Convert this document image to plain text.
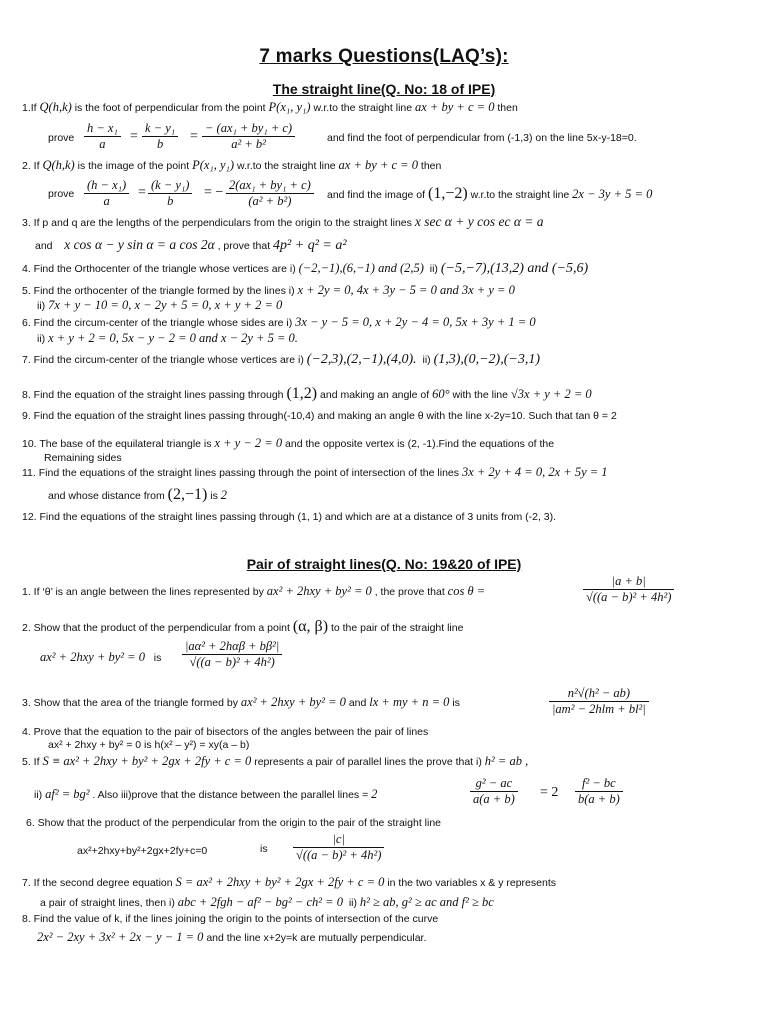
7 marks Questions(LAQ’s):
The straight line(Q. No: 18 of IPE)
1.If Q(h,k) is the foot of perpendicular from the point P(x₁, y₁) w.r.to the straight line ax + by + c = 0 then
prove $\frac{\text{h − x₁}}{a} = \frac{\text{k − y₁}}{b} = \frac{\text{− (ax₁ + by₁ + c)}}{\text{a² + b²}}$	and find the foot of perpendicular from (-1,3) on the line 5x-y-18=0.
2. If Q(h,k) is the image of the point P(x₁, y₁) w.r.to the straight line ax + by + c = 0 then
prove $\frac{\text{(h − x₁)}}{a} = \frac{\text{(k − y₁)}}{b}$ = − $\frac{\text{2(ax₁ + by₁ + c)}}{\text{(a² + b²)}}$ and find the image of (1,−2) w.r.to the straight line 2x − 3y + 5 = 0
3. If p and q are the lengths of the perpendiculars from the origin to the straight lines x sec α + y cos ec α = a
and x cos α − y sin α = a cos 2α , prove that 4p² + q² = a²
4. Find the Orthocenter of the triangle whose vertices are i) (−2,−1),(6,−1) and (2,5) ii) (−5,−7),(13,2) and (−5,6)
5. Find the orthocenter of the triangle formed by the lines i) x + 2y = 0, 4x + 3y − 5 = 0 and 3x + y = 0
ii) 7x + y − 10 = 0, x − 2y + 5 = 0, x + y + 2 = 0
6. Find the circum-center of the triangle whose sides are i) 3x − y − 5 = 0, x + 2y − 4 = 0, 5x + 3y + 1 = 0
ii) x + y + 2 = 0, 5x − y − 2 = 0 and x − 2y + 5 = 0.
7. Find the circum-center of the triangle whose vertices are i) (−2,3),(2,−1),(4,0). ii) (1,3),(0,−2),(−3,1)
8. Find the equation of the straight lines passing through (1,2) and making an angle of 60° with the line √3x + y + 2 = 0
9. Find the equation of the straight lines passing through(-10,4) and making an angle θ with the line x-2y=10. Such that tan θ = 2
10. The base of the equilateral triangle is x + y − 2 = 0 and the opposite vertex is (2, -1).Find the equations of the
Remaining sides
11. Find the equations of the straight lines passing through the point of intersection of the lines 3x + 2y + 4 = 0, 2x + 5y = 1
and whose distance from (2,−1) is 2
12. Find the equations of the straight lines passing through (1, 1) and which are at a distance of 3 units from (-2, 3).
Pair of straight lines(Q. No: 19&20 of IPE)
1. If ‘θ’ is an angle between the lines represented by ax² + 2hxy + by² = 0 , the prove that cos θ =	$\frac{|a + b|}{\text{√((a − b)² + 4h²)}}$
2. Show that the product of the perpendicular from a point (α, β) to the pair of the straight line
ax² + 2hxy + by² = 0 is
|aα² + 2hαβ + bβ²|
√((a − b)² + 4h²)
3. Show that the area of the triangle formed by ax² + 2hxy + by² = 0 and lx + my + n = 0 is
n²√(h² − ab)
|am² − 2hlm + bl²|
4. Prove that the equation to the pair of bisectors of the angles between the pair of lines
ax² + 2hxy + by² = 0 is h(x² – y²) = xy(a – b)
5. If S ≡ ax² + 2hxy + by² + 2gx + 2fy + c = 0 represents a pair of parallel lines the prove that i) h² = ab ,
ii) af² = bg² . Also iii)prove that the distance between the parallel lines = 2	$\frac{\text{g² − ac}}{a(a + b)} = 2 \frac{\text{f² − bc}}{b(a + b)}$
6. Show that the product of the perpendicular from the origin to the pair of the straight line
ax²+2hxy+by²+2gx+2fy+c=0	is $\frac{|c|}{\text{√((a − b)² + 4h²)}}$
7. If the second degree equation S = ax² + 2hxy + by² + 2gx + 2fy + c = 0 in the two variables x & y represents
a pair of straight lines, then i) abc + 2fgh − af² − bg² − ch² = 0 ii) h² ≥ ab, g² ≥ ac and f² ≥ bc
8. Find the value of k, if the lines joining the origin to the points of intersection of the curve
2x² − 2xy + 3x² + 2x − y − 1 = 0 and the line x+2y=k are mutually perpendicular.
